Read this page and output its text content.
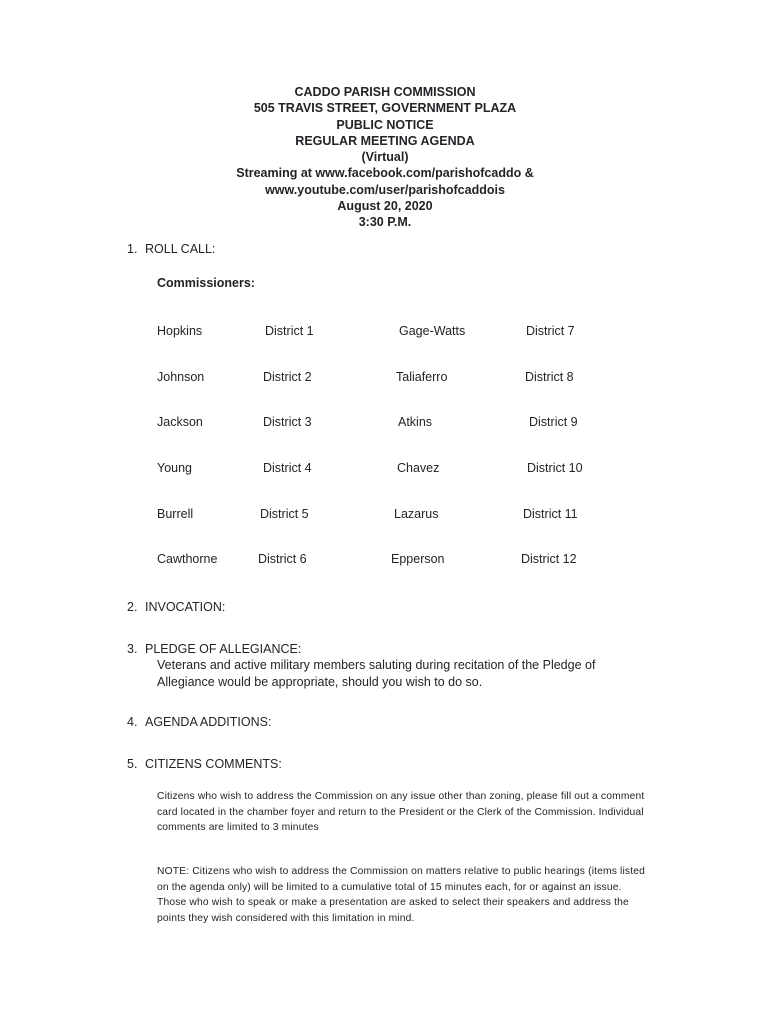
CADDO PARISH COMMISSION
505 TRAVIS STREET, GOVERNMENT PLAZA
PUBLIC NOTICE
REGULAR MEETING AGENDA
(Virtual)
Streaming at www.facebook.com/parishofcaddo &
www.youtube.com/user/parishofcaddois
August 20, 2020
3:30 P.M.
1. ROLL CALL:
Commissioners:
Hopkins	District 1	Gage-Watts	District 7
Johnson	District 2	Taliaferro	District 8
Jackson	District 3	Atkins	District 9
Young	District 4	Chavez	District 10
Burrell	District 5	Lazarus	District 11
Cawthorne	District 6	Epperson	District 12
2. INVOCATION:
3. PLEDGE OF ALLEGIANCE:
Veterans and active military members saluting during recitation of the Pledge of Allegiance would be appropriate, should you wish to do so.
4. AGENDA ADDITIONS:
5. CITIZENS COMMENTS:
Citizens who wish to address the Commission on any issue other than zoning, please fill out a comment card located in the chamber foyer and return to the President or the Clerk of the Commission. Individual comments are limited to 3 minutes
NOTE: Citizens who wish to address the Commission on matters relative to public hearings (items listed on the agenda only) will be limited to a cumulative total of 15 minutes each, for or against an issue. Those who wish to speak or make a presentation are asked to select their speakers and address the points they wish considered with this limitation in mind.
